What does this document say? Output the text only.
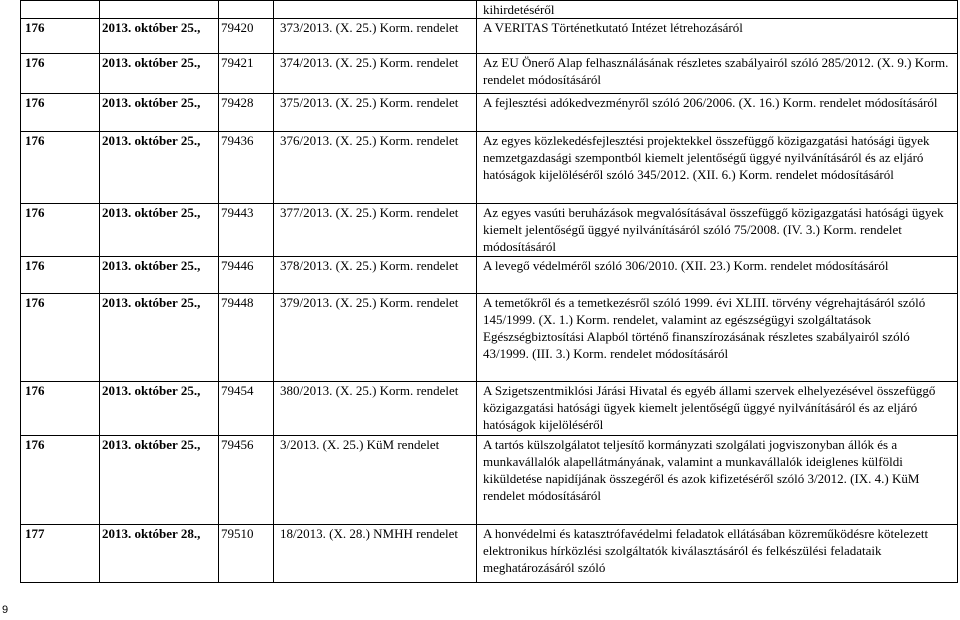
				kihirdetéséről
176	2013. október 25.,	79420	373/2013. (X. 25.) Korm. rendelet	A VERITAS Történetkutató Intézet létrehozásáról
176	2013. október 25.,	79421	374/2013. (X. 25.) Korm. rendelet	Az EU Önerő Alap felhasználásának részletes szabályairól szóló 285/2012. (X. 9.) Korm. rendelet módosításáról
176	2013. október 25.,	79428	375/2013. (X. 25.) Korm. rendelet	A fejlesztési adókedvezményről szóló 206/2006. (X. 16.) Korm. rendelet módosításáról
176	2013. október 25.,	79436	376/2013. (X. 25.) Korm. rendelet	Az egyes közlekedésfejlesztési projektekkel összefüggő közigazgatási hatósági ügyek nemzetgazdasági szempontból kiemelt jelentőségű üggyé nyilvánításáról és az eljáró hatóságok kijelöléséről szóló 345/2012. (XII. 6.) Korm. rendelet módosításáról
176	2013. október 25.,	79443	377/2013. (X. 25.) Korm. rendelet	Az egyes vasúti beruházások megvalósításával összefüggő közigazgatási hatósági ügyek kiemelt jelentőségű üggyé nyilvánításáról szóló 75/2008. (IV. 3.) Korm. rendelet módosításáról
176	2013. október 25.,	79446	378/2013. (X. 25.) Korm. rendelet	A levegő védelméről szóló 306/2010. (XII. 23.) Korm. rendelet módosításáról
176	2013. október 25.,	79448	379/2013. (X. 25.) Korm. rendelet	A temetőkről és a temetkezésről szóló 1999. évi XLIII. törvény végrehajtásáról szóló 145/1999. (X. 1.) Korm. rendelet, valamint az egészségügyi szolgáltatások Egészségbiztosítási Alapból történő finanszírozásának részletes szabályairól szóló 43/1999. (III. 3.) Korm. rendelet módosításáról
176	2013. október 25.,	79454	380/2013. (X. 25.) Korm. rendelet	A Szigetszentmiklósi Járási Hivatal és egyéb állami szervek elhelyezésével összefüggő közigazgatási hatósági ügyek kiemelt jelentőségű üggyé nyilvánításáról és az eljáró hatóságok kijelöléséről
176	2013. október 25.,	79456	3/2013. (X. 25.) KüM rendelet	A tartós külszolgálatot teljesítő kormányzati szolgálati jogviszonyban állók és a munkavállalók alapellátmányának, valamint a munkavállalók ideiglenes külföldi kiküldetése napidíjának összegéről és azok kifizetéséről szóló 3/2012. (IX. 4.) KüM rendelet módosításáról
177	2013. október 28.,	79510	18/2013. (X. 28.) NMHH rendelet	A honvédelmi és katasztrófavédelmi feladatok ellátásában közreműködésre kötelezett elektronikus hírközlési szolgáltatók kiválasztásáról és felkészülési feladataik meghatározásáról szóló
9
